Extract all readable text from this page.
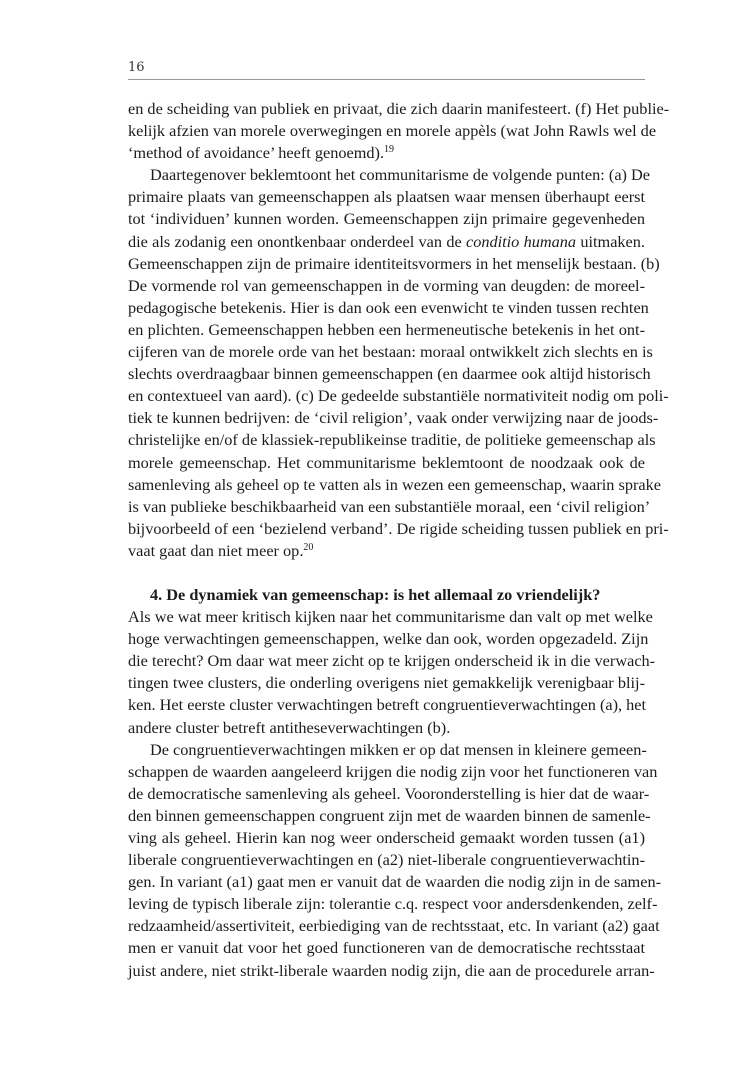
16
en de scheiding van publiek en privaat, die zich daarin manifesteert. (f) Het publie-
kelijk afzien van morele overwegingen en morele appèls (wat John Rawls wel de
‘method of avoidance’ heeft genoemd).$^{19}$
Daartegenover beklemtoont het communitarisme de volgende punten: (a) De
primaire plaats van gemeenschappen als plaatsen waar mensen überhaupt eerst
tot ‘individuen’ kunnen worden. Gemeenschappen zijn primaire gegevenheden
die als zodanig een onontkenbaar onderdeel van de conditio humana uitmaken.
Gemeenschappen zijn de primaire identiteitsvormers in het menselijk bestaan. (b)
De vormende rol van gemeenschappen in de vorming van deugden: de moreel-
pedagogische betekenis. Hier is dan ook een evenwicht te vinden tussen rechten
en plichten. Gemeenschappen hebben een hermeneutische betekenis in het ont-
cijferen van de morele orde van het bestaan: moraal ontwikkelt zich slechts en is
slechts overdraagbaar binnen gemeenschappen (en daarmee ook altijd historisch
en contextueel van aard). (c) De gedeelde substantiële normativiteit nodig om poli-
tiek te kunnen bedrijven: de ‘civil religion’, vaak onder verwijzing naar de joods-
christelijke en/of de klassiek-republikeinse traditie, de politieke gemeenschap als
morele gemeenschap. Het communitarisme beklemtoont de noodzaak ook de
samenleving als geheel op te vatten als in wezen een gemeenschap, waarin sprake
is van publieke beschikbaarheid van een substantiële moraal, een ‘civil religion’
bijvoorbeeld of een ‘bezielend verband’. De rigide scheiding tussen publiek en pri-
vaat gaat dan niet meer op.$^{20}$
4. De dynamiek van gemeenschap: is het allemaal zo vriendelijk?
Als we wat meer kritisch kijken naar het communitarisme dan valt op met welke
hoge verwachtingen gemeenschappen, welke dan ook, worden opgezadeld. Zijn
die terecht? Om daar wat meer zicht op te krijgen onderscheid ik in die verwach-
tingen twee clusters, die onderling overigens niet gemakkelijk verenigbaar blij-
ken. Het eerste cluster verwachtingen betreft congruentieverwachtingen (a), het
andere cluster betreft antitheseverwachtingen (b).
De congruentieverwachtingen mikken er op dat mensen in kleinere gemeen-
schappen de waarden aangeleerd krijgen die nodig zijn voor het functioneren van
de democratische samenleving als geheel. Vooronderstelling is hier dat de waar-
den binnen gemeenschappen congruent zijn met de waarden binnen de samenle-
ving als geheel. Hierin kan nog weer onderscheid gemaakt worden tussen (a1)
liberale congruentieverwachtingen en (a2) niet-liberale congruentieverwachtin-
gen. In variant (a1) gaat men er vanuit dat de waarden die nodig zijn in de samen-
leving de typisch liberale zijn: tolerantie c.q. respect voor andersdenkenden, zelf-
redzaamheid/assertiviteit, eerbiediging van de rechtsstaat, etc. In variant (a2) gaat
men er vanuit dat voor het goed functioneren van de democratische rechtsstaat
juist andere, niet strikt-liberale waarden nodig zijn, die aan de procedurele arran-
